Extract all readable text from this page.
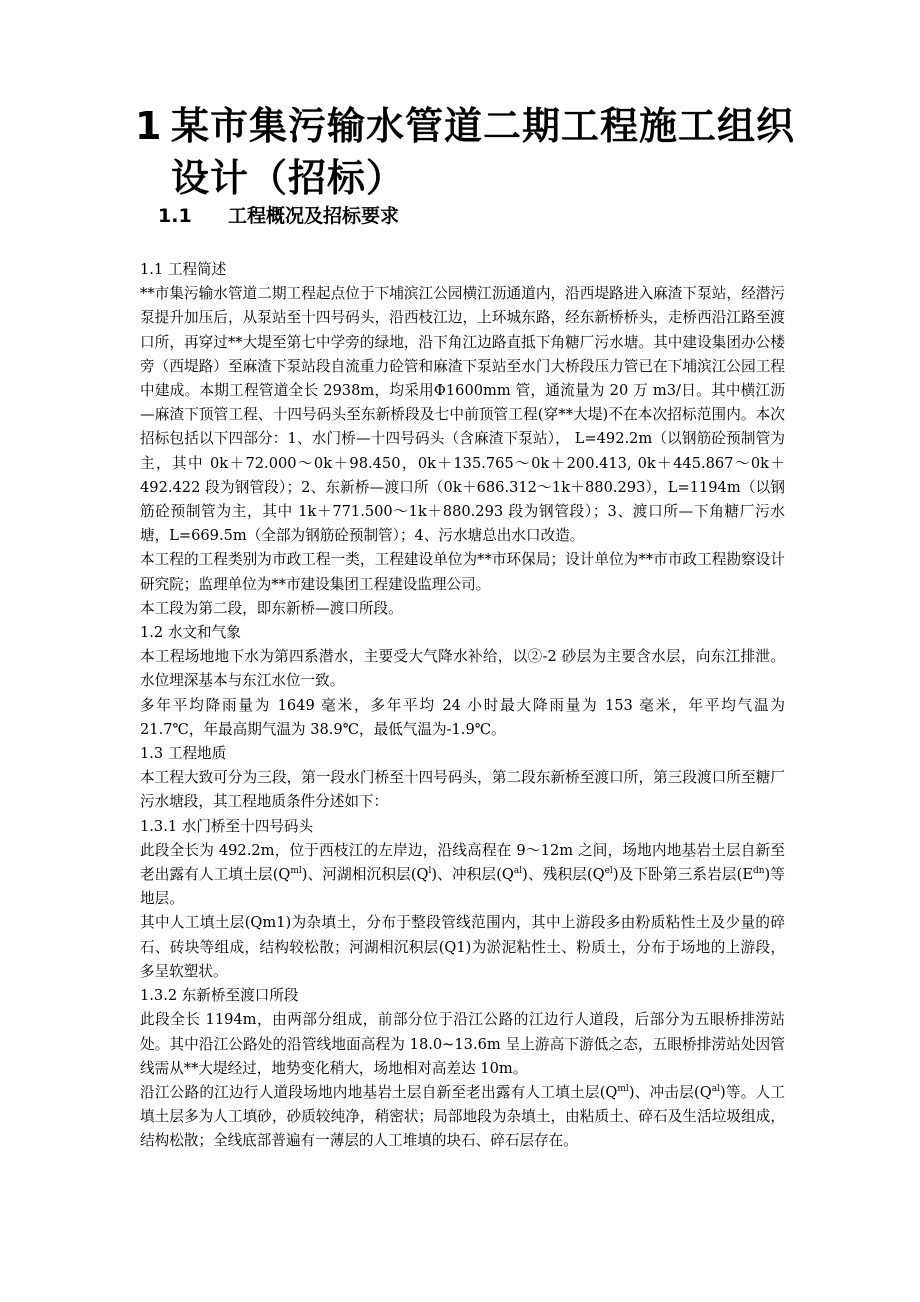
1 某市集污输水管道二期工程施工组织
设计（招标）
1.1 工程概况及招标要求

1.1 工程简述

**市集污输水管道二期工程起点位于下埔滨江公园横江沥通道内，沿西堤路进入麻渣下泵站，经潜污泵提升加压后，从泵站至十四号码头，沿西枝江边，上环城东路，经东新桥桥头，走桥西沿江路至渡口所，再穿过**大堤至第七中学旁的绿地，沿下角江边路直抵下角糖厂污水塘。其中建设集团办公楼旁（西堤路）至麻渣下泵站段自流重力砼管和麻渣下泵站至水门大桥段压力管已在下埔滨江公园工程中建成。本期工程管道全长 2938m，均采用Φ1600mm 管，通流量为 20 万 m3/日。其中横江沥—麻渣下顶管工程、十四号码头至东新桥段及七中前顶管工程(穿**大堤)不在本次招标范围内。本次招标包括以下四部分：1、水门桥—十四号码头（含麻渣下泵站）， L=492.2m（以钢筋砼预制管为主，其中 0k＋72.000～0k＋98.450，0k＋135.765～0k＋200.413, 0k＋445.867～0k＋492.422 段为钢管段）；2、东新桥—渡口所（0k＋686.312～1k＋880.293），L=1194m（以钢筋砼预制管为主，其中 1k＋771.500～1k＋880.293 段为钢管段）；3、渡口所—下角糖厂污水塘，L=669.5m（全部为钢筋砼预制管）；4、污水塘总出水口改造。

本工程的工程类别为市政工程一类，工程建设单位为**市环保局；设计单位为**市市政工程勘察设计研究院；监理单位为**市建设集团工程建设监理公司。

本工段为第二段，即东新桥—渡口所段。

1.2 水文和气象

本工程场地地下水为第四系潜水，主要受大气降水补给，以②-2 砂层为主要含水层，向东江排泄。水位埋深基本与东江水位一致。

多年平均降雨量为 1649 毫米，多年平均 24 小时最大降雨量为 153 毫米，年平均气温为 21.7℃，年最高期气温为 38.9℃，最低气温为-1.9℃。

1.3 工程地质

本工程大致可分为三段，第一段水门桥至十四号码头，第二段东新桥至渡口所，第三段渡口所至糖厂污水塘段，其工程地质条件分述如下：

1.3.1 水门桥至十四号码头

此段全长为 492.2m，位于西枝江的左岸边，沿线高程在 9～12m 之间，场地内地基岩土层自新至老出露有人工填土层$(Q^{ml})$、河湖相沉积层$(Q^l)$、冲积层$(Q^{al})$、残积层$(Q^{el})$及下卧第三系岩层$(E^{dn})$等地层。

其中人工填土层(Qm1)为杂填土，分布于整段管线范围内，其中上游段多由粉质粘性土及少量的碎石、砖块等组成，结构较松散；河湖相沉积层(Q1)为淤泥粘性土、粉质土，分布于场地的上游段，多呈软塑状。

1.3.2 东新桥至渡口所段

此段全长 1194m，由两部分组成，前部分位于沿江公路的江边行人道段，后部分为五眼桥排涝站处。其中沿江公路处的沿管线地面高程为 18.0~13.6m 呈上游高下游低之态，五眼桥排涝站处因管线需从**大堤经过，地势变化稍大，场地相对高差达 10m。

沿江公路的江边行人道段场地内地基岩土层自新至老出露有人工填土层$(Q^{ml})$、冲击层$(Q^{al})$等。人工填土层多为人工填砂，砂质较纯净，稍密状；局部地段为杂填土，由粘质土、碎石及生活垃圾组成，结构松散；全线底部普遍有一薄层的人工堆填的块石、碎石层存在。
